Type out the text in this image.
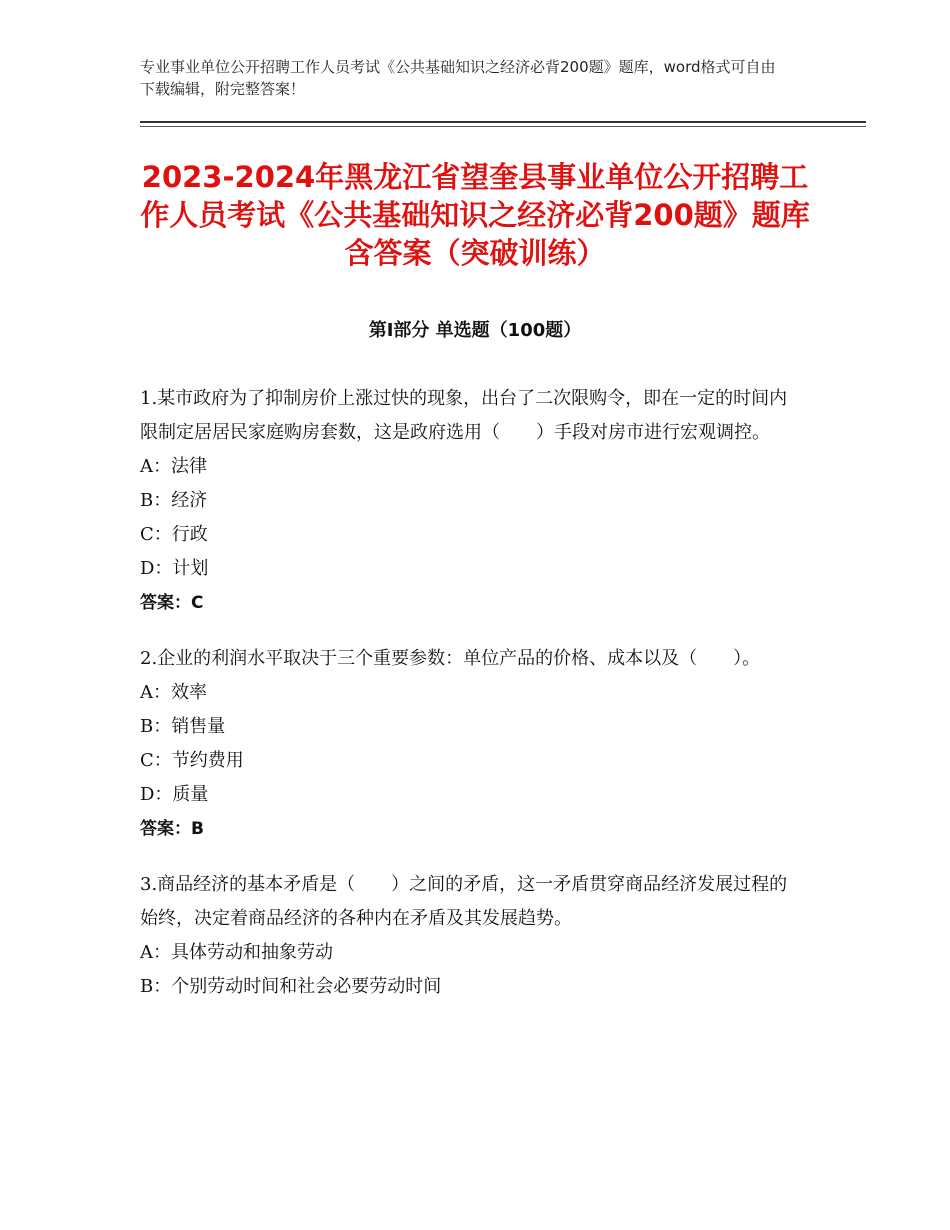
专业事业单位公开招聘工作人员考试《公共基础知识之经济必背200题》题库，word格式可自由下载编辑，附完整答案！
2023-2024年黑龙江省望奎县事业单位公开招聘工作人员考试《公共基础知识之经济必背200题》题库含答案（突破训练）
第Ⅰ部分 单选题（100题）
1.某市政府为了抑制房价上涨过快的现象，出台了二次限购令，即在一定的时间内限制定居居民家庭购房套数，这是政府选用（　　）手段对房市进行宏观调控。
A：法律
B：经济
C：行政
D：计划
答案：C
2.企业的利润水平取决于三个重要参数：单位产品的价格、成本以及（　　）。
A：效率
B：销售量
C：节约费用
D：质量
答案：B
3.商品经济的基本矛盾是（　　）之间的矛盾，这一矛盾贯穿商品经济发展过程的始终，决定着商品经济的各种内在矛盾及其发展趋势。
A：具体劳动和抽象劳动
B：个别劳动时间和社会必要劳动时间
